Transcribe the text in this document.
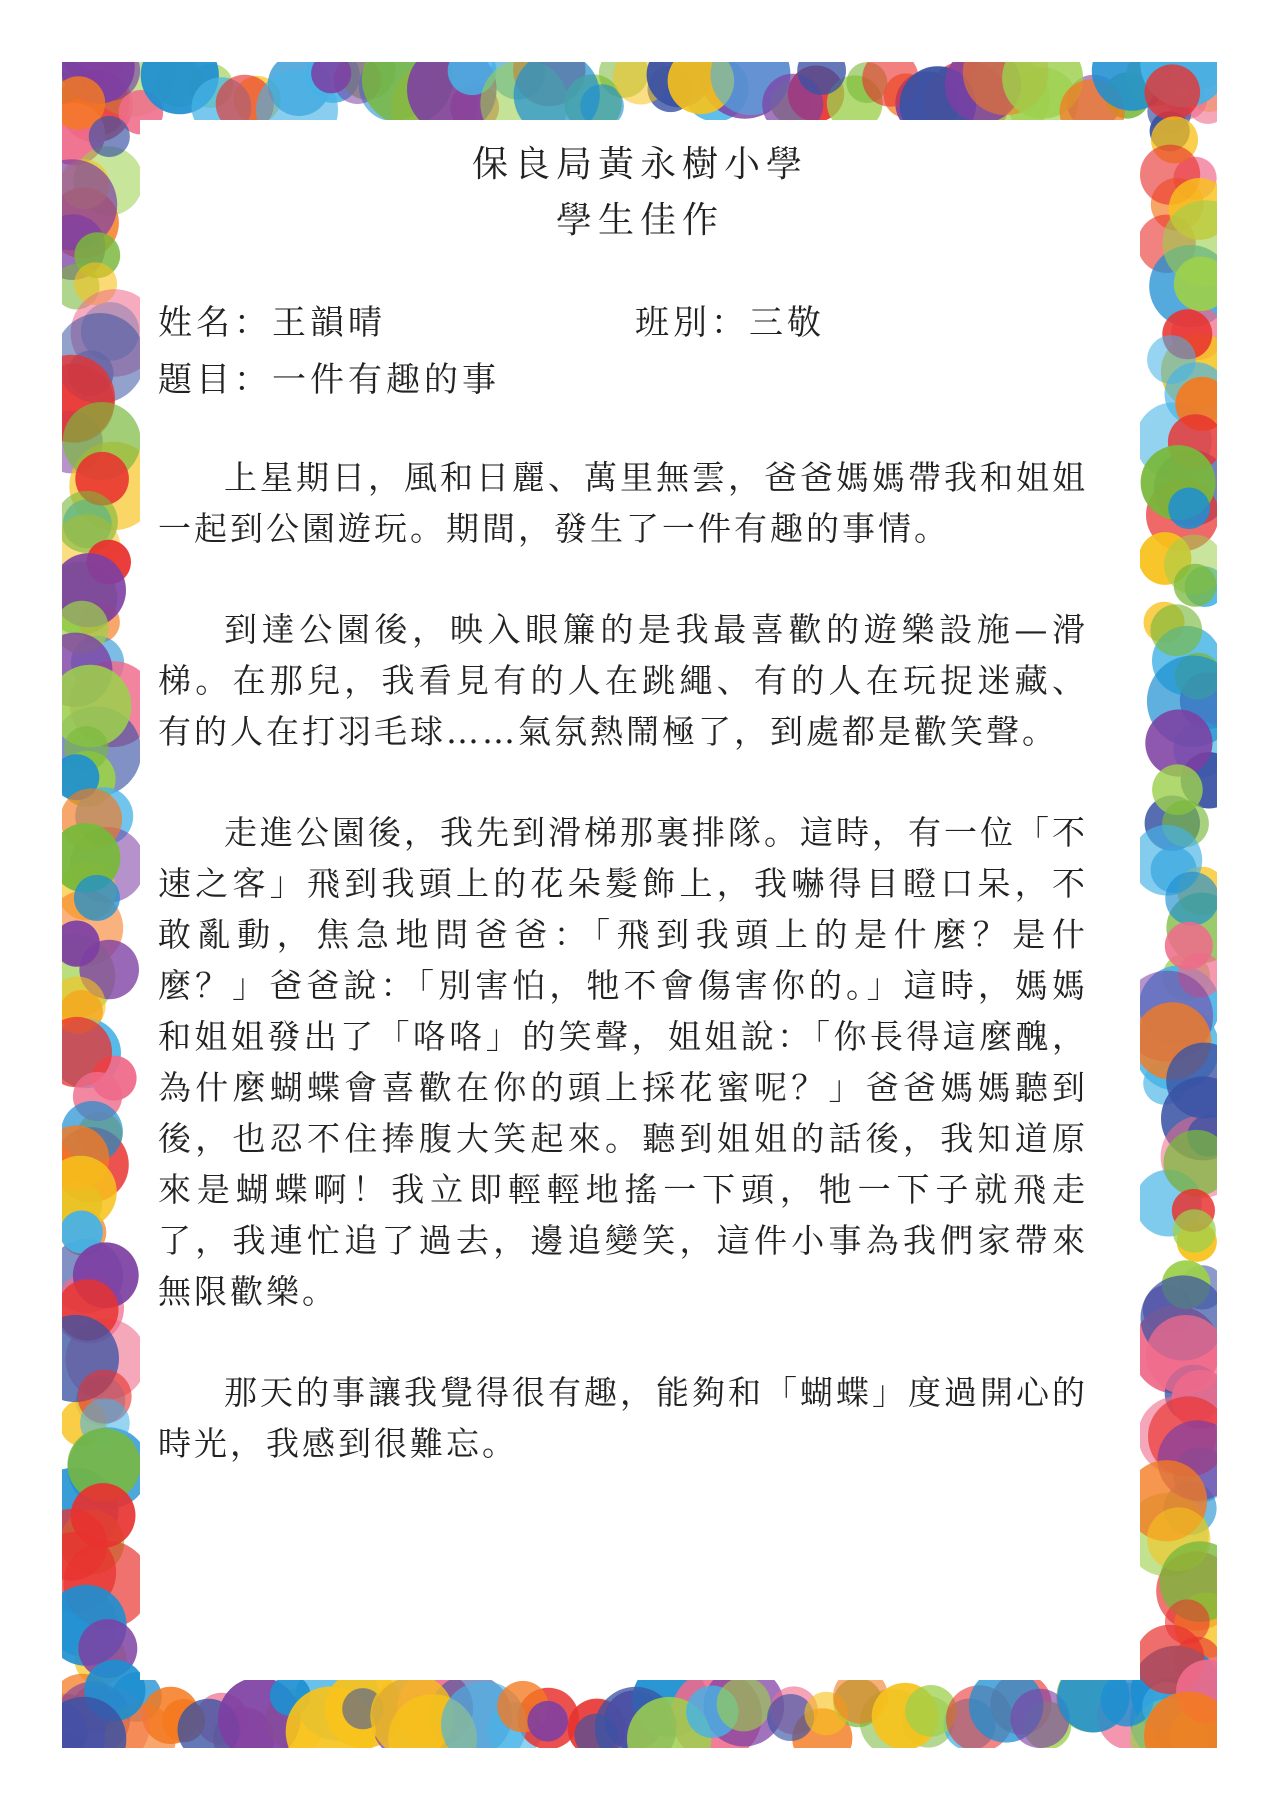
保良局黃永樹小學
學生佳作
姓名：王韻晴	班別：三敬
題目：一件有趣的事

上星期日，風和日麗、萬里無雲，爸爸媽媽帶我和姐姐一起到公園遊玩。期間，發生了一件有趣的事情。

到達公園後，映入眼簾的是我最喜歡的遊樂設施—滑梯。在那兒，我看見有的人在跳繩、有的人在玩捉迷藏、有的人在打羽毛球……氣氛熱鬧極了，到處都是歡笑聲。

走進公園後，我先到滑梯那裏排隊。這時，有一位「不速之客」飛到我頭上的花朵髮飾上，我嚇得目瞪口呆，不敢亂動，焦急地問爸爸：「飛到我頭上的是什麼？是什麼？」爸爸說：「別害怕，牠不會傷害你的。」這時，媽媽和姐姐發出了「咯咯」的笑聲，姐姐說：「你長得這麼醜，為什麼蝴蝶會喜歡在你的頭上採花蜜呢？」爸爸媽媽聽到後，也忍不住捧腹大笑起來。聽到姐姐的話後，我知道原來是蝴蝶啊！我立即輕輕地搖一下頭，牠一下子就飛走了，我連忙追了過去，邊追變笑，這件小事為我們家帶來無限歡樂。

那天的事讓我覺得很有趣，能夠和「蝴蝶」度過開心的時光，我感到很難忘。
